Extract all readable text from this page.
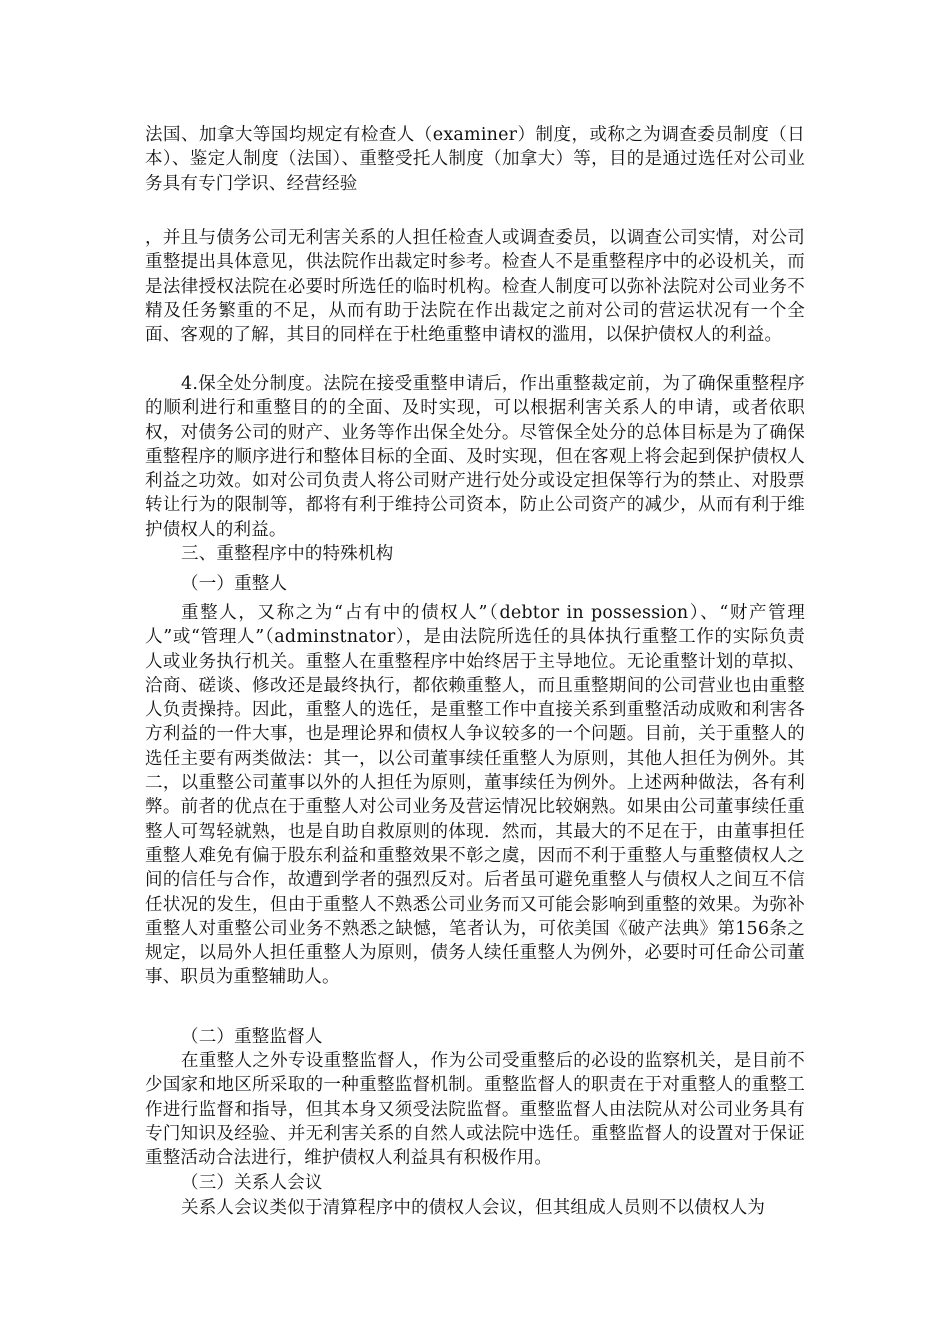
法国、加拿大等国均规定有检查人（examiner）制度，或称之为调查委员制度（日本）、鉴定人制度（法国）、重整受托人制度（加拿大）等，目的是通过选任对公司业务具有专门学识、经营经验

，并且与债务公司无利害关系的人担任检查人或调查委员，以调查公司实情，对公司重整提出具体意见，供法院作出裁定时参考。检查人不是重整程序中的必设机关，而是法律授权法院在必要时所选任的临时机构。检查人制度可以弥补法院对公司业务不精及任务繁重的不足，从而有助于法院在作出裁定之前对公司的营运状况有一个全面、客观的了解，其目的同样在于杜绝重整申请权的滥用，以保护债权人的利益。

4.保全处分制度。法院在接受重整申请后，作出重整裁定前，为了确保重整程序的顺利进行和重整目的的全面、及时实现，可以根据利害关系人的申请，或者依职权，对债务公司的财产、业务等作出保全处分。尽管保全处分的总体目标是为了确保重整程序的顺序进行和整体目标的全面、及时实现，但在客观上将会起到保护债权人利益之功效。如对公司负责人将公司财产进行处分或设定担保等行为的禁止、对股票转让行为的限制等，都将有利于维持公司资本，防止公司资产的减少，从而有利于维护债权人的利益。

三、重整程序中的特殊机构

（一）重整人

重整人，又称之为“占有中的债权人”（debtor in possession）、“财产管理人”或“管理人”（adminstnator），是由法院所选任的具体执行重整工作的实际负责人或业务执行机关。重整人在重整程序中始终居于主导地位。无论重整计划的草拟、洽商、磋谈、修改还是最终执行，都依赖重整人，而且重整期间的公司营业也由重整人负责操持。因此，重整人的选任，是重整工作中直接关系到重整活动成败和利害各方利益的一件大事，也是理论界和债权人争议较多的一个问题。目前，关于重整人的选任主要有两类做法：其一，以公司董事续任重整人为原则，其他人担任为例外。其二，以重整公司董事以外的人担任为原则，董事续任为例外。上述两种做法，各有利弊。前者的优点在于重整人对公司业务及营运情况比较娴熟。如果由公司董事续任重整人可驾轻就熟，也是自助自救原则的体现．然而，其最大的不足在于，由董事担任重整人难免有偏于股东利益和重整效果不彰之虞，因而不利于重整人与重整债权人之间的信任与合作，故遭到学者的强烈反对。后者虽可避免重整人与债权人之间互不信任状况的发生，但由于重整人不熟悉公司业务而又可能会影响到重整的效果。为弥补重整人对重整公司业务不熟悉之缺憾，笔者认为，可依美国《破产法典》第156条之规定，以局外人担任重整人为原则，债务人续任重整人为例外，必要时可任命公司董事、职员为重整辅助人。

（二）重整监督人

在重整人之外专设重整监督人，作为公司受重整后的必设的监察机关，是目前不少国家和地区所采取的一种重整监督机制。重整监督人的职责在于对重整人的重整工作进行监督和指导，但其本身又须受法院监督。重整监督人由法院从对公司业务具有专门知识及经验、并无利害关系的自然人或法院中选任。重整监督人的设置对于保证重整活动合法进行，维护债权人利益具有积极作用。

（三）关系人会议

关系人会议类似于清算程序中的债权人会议，但其组成人员则不以债权人为
